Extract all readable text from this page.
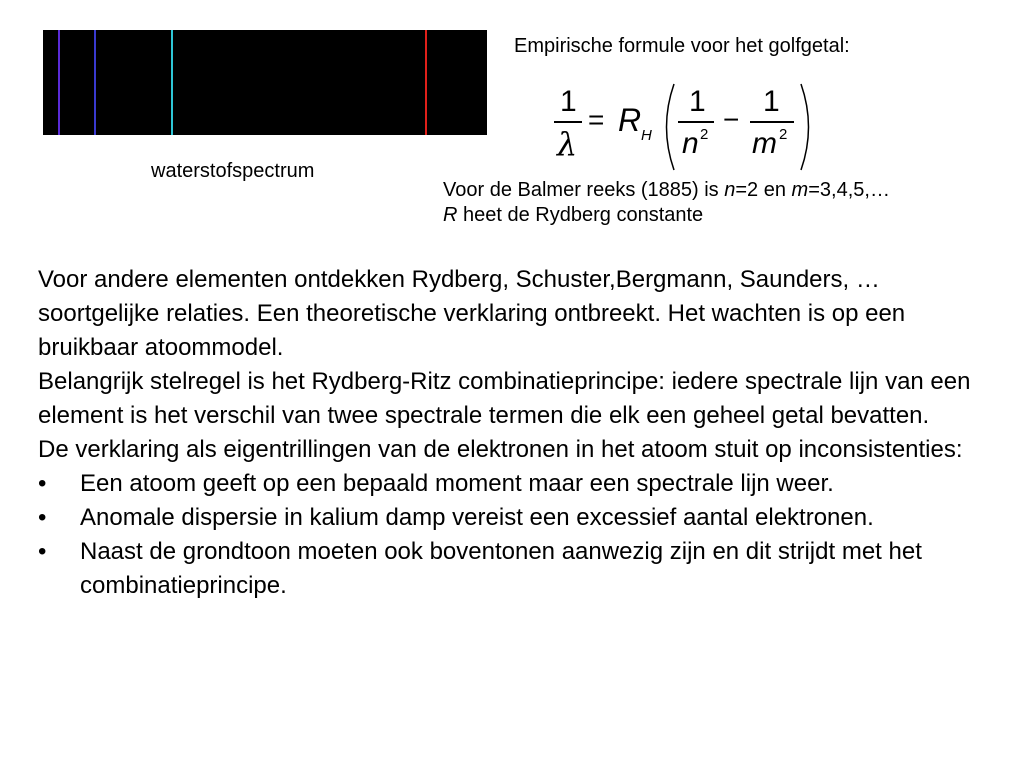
waterstofspectrum
Empirische formule voor het golfgetal:
1
λ
= R H
1
n 2 −
1
m 2
Voor de Balmer reeks (1885) is n=2 en m=3,4,5,…
R heet de Rydberg constante

Voor andere elementen ontdekken Rydberg, Schuster,Bergmann, Saunders, … soortgelijke relaties. Een theoretische verklaring ontbreekt. Het wachten is op een bruikbaar atoommodel.

Belangrijk stelregel is het Rydberg-Ritz combinatieprincipe: iedere spectrale lijn van een element is het verschil van twee spectrale termen die elk een geheel getal bevatten.

De verklaring als eigentrillingen van de elektronen in het atoom stuit op inconsistenties:

• Een atoom geeft op een bepaald moment maar een spectrale lijn weer.
• Anomale dispersie in kalium damp vereist een excessief aantal elektronen.
• Naast de grondtoon moeten ook boventonen aanwezig zijn en dit strijdt met het combinatieprincipe.
